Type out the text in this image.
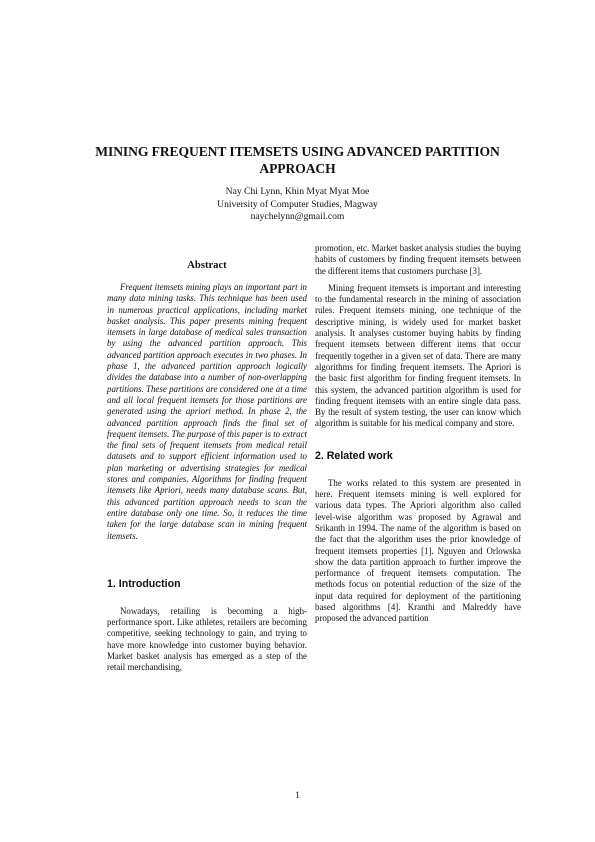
MINING FREQUENT ITEMSETS USING ADVANCED PARTITION
APPROACH
Nay Chi Lynn, Khin Myat Myat Moe
University of Computer Studies, Magway
naychelynn@gmail.com
Abstract

Frequent itemsets mining plays an important part in many data mining tasks. This technique has been used in numerous practical applications, including market basket analysis. This paper presents mining frequent itemsets in large database of medical sales transaction by using the advanced partition approach. This advanced partition approach executes in two phases. In phase 1, the advanced partition approach logically divides the database into a number of non-overlapping partitions. These partitions are considered one at a time and all local frequent itemsets for those partitions are generated using the apriori method. In phase 2, the advanced partition approach finds the final set of frequent itemsets. The purpose of this paper is to extract the final sets of frequent itemsets from medical retail datasets and to support efficient information used to plan marketing or advertising strategies for medical stores and companies. Algorithms for finding frequent itemsets like Apriori, needs many database scans. But, this advanced partition approach needs to scan the entire database only one time. So, it reduces the time taken for the large database scan in mining frequent itemsets.

1. Introduction

Nowadays, retailing is becoming a high-performance sport. Like athletes, retailers are becoming competitive, seeking technology to gain, and trying to have more knowledge into customer buying behavior. Market basket analysis has emerged as a step of the retail merchandising,

promotion, etc. Market basket analysis studies the buying habits of customers by finding frequent itemsets between the different items that customers purchase [3].

Mining frequent itemsets is important and interesting to the fundamental research in the mining of association rules. Frequent itemsets mining, one technique of the descriptive mining, is widely used for market basket analysis. It analyses customer buying habits by finding frequent itemsets between different items that occur frequently together in a given set of data. There are many algorithms for finding frequent itemsets. The Apriori is the basic first algorithm for finding frequent itemsets. In this system, the advanced partition algorithm is used for finding frequent itemsets with an entire single data pass. By the result of system testing, the user can know which algorithm is suitable for his medical company and store.

2. Related work

The works related to this system are presented in here. Frequent itemsets mining is well explored for various data types. The Apriori algorithm also called level-wise algorithm was proposed by Agrawal and Srikanth in 1994. The name of the algorithm is based on the fact that the algorithm uses the prior knowledge of frequent itemsets properties [1]. Nguyen and Orlowska show the data partition approach to further improve the performance of frequent itemsets computation. The methods focus on potential reduction of the size of the input data required for deployment of the partitioning based algorithms [4]. Kranthi and Malreddy have proposed the advanced partition

1
